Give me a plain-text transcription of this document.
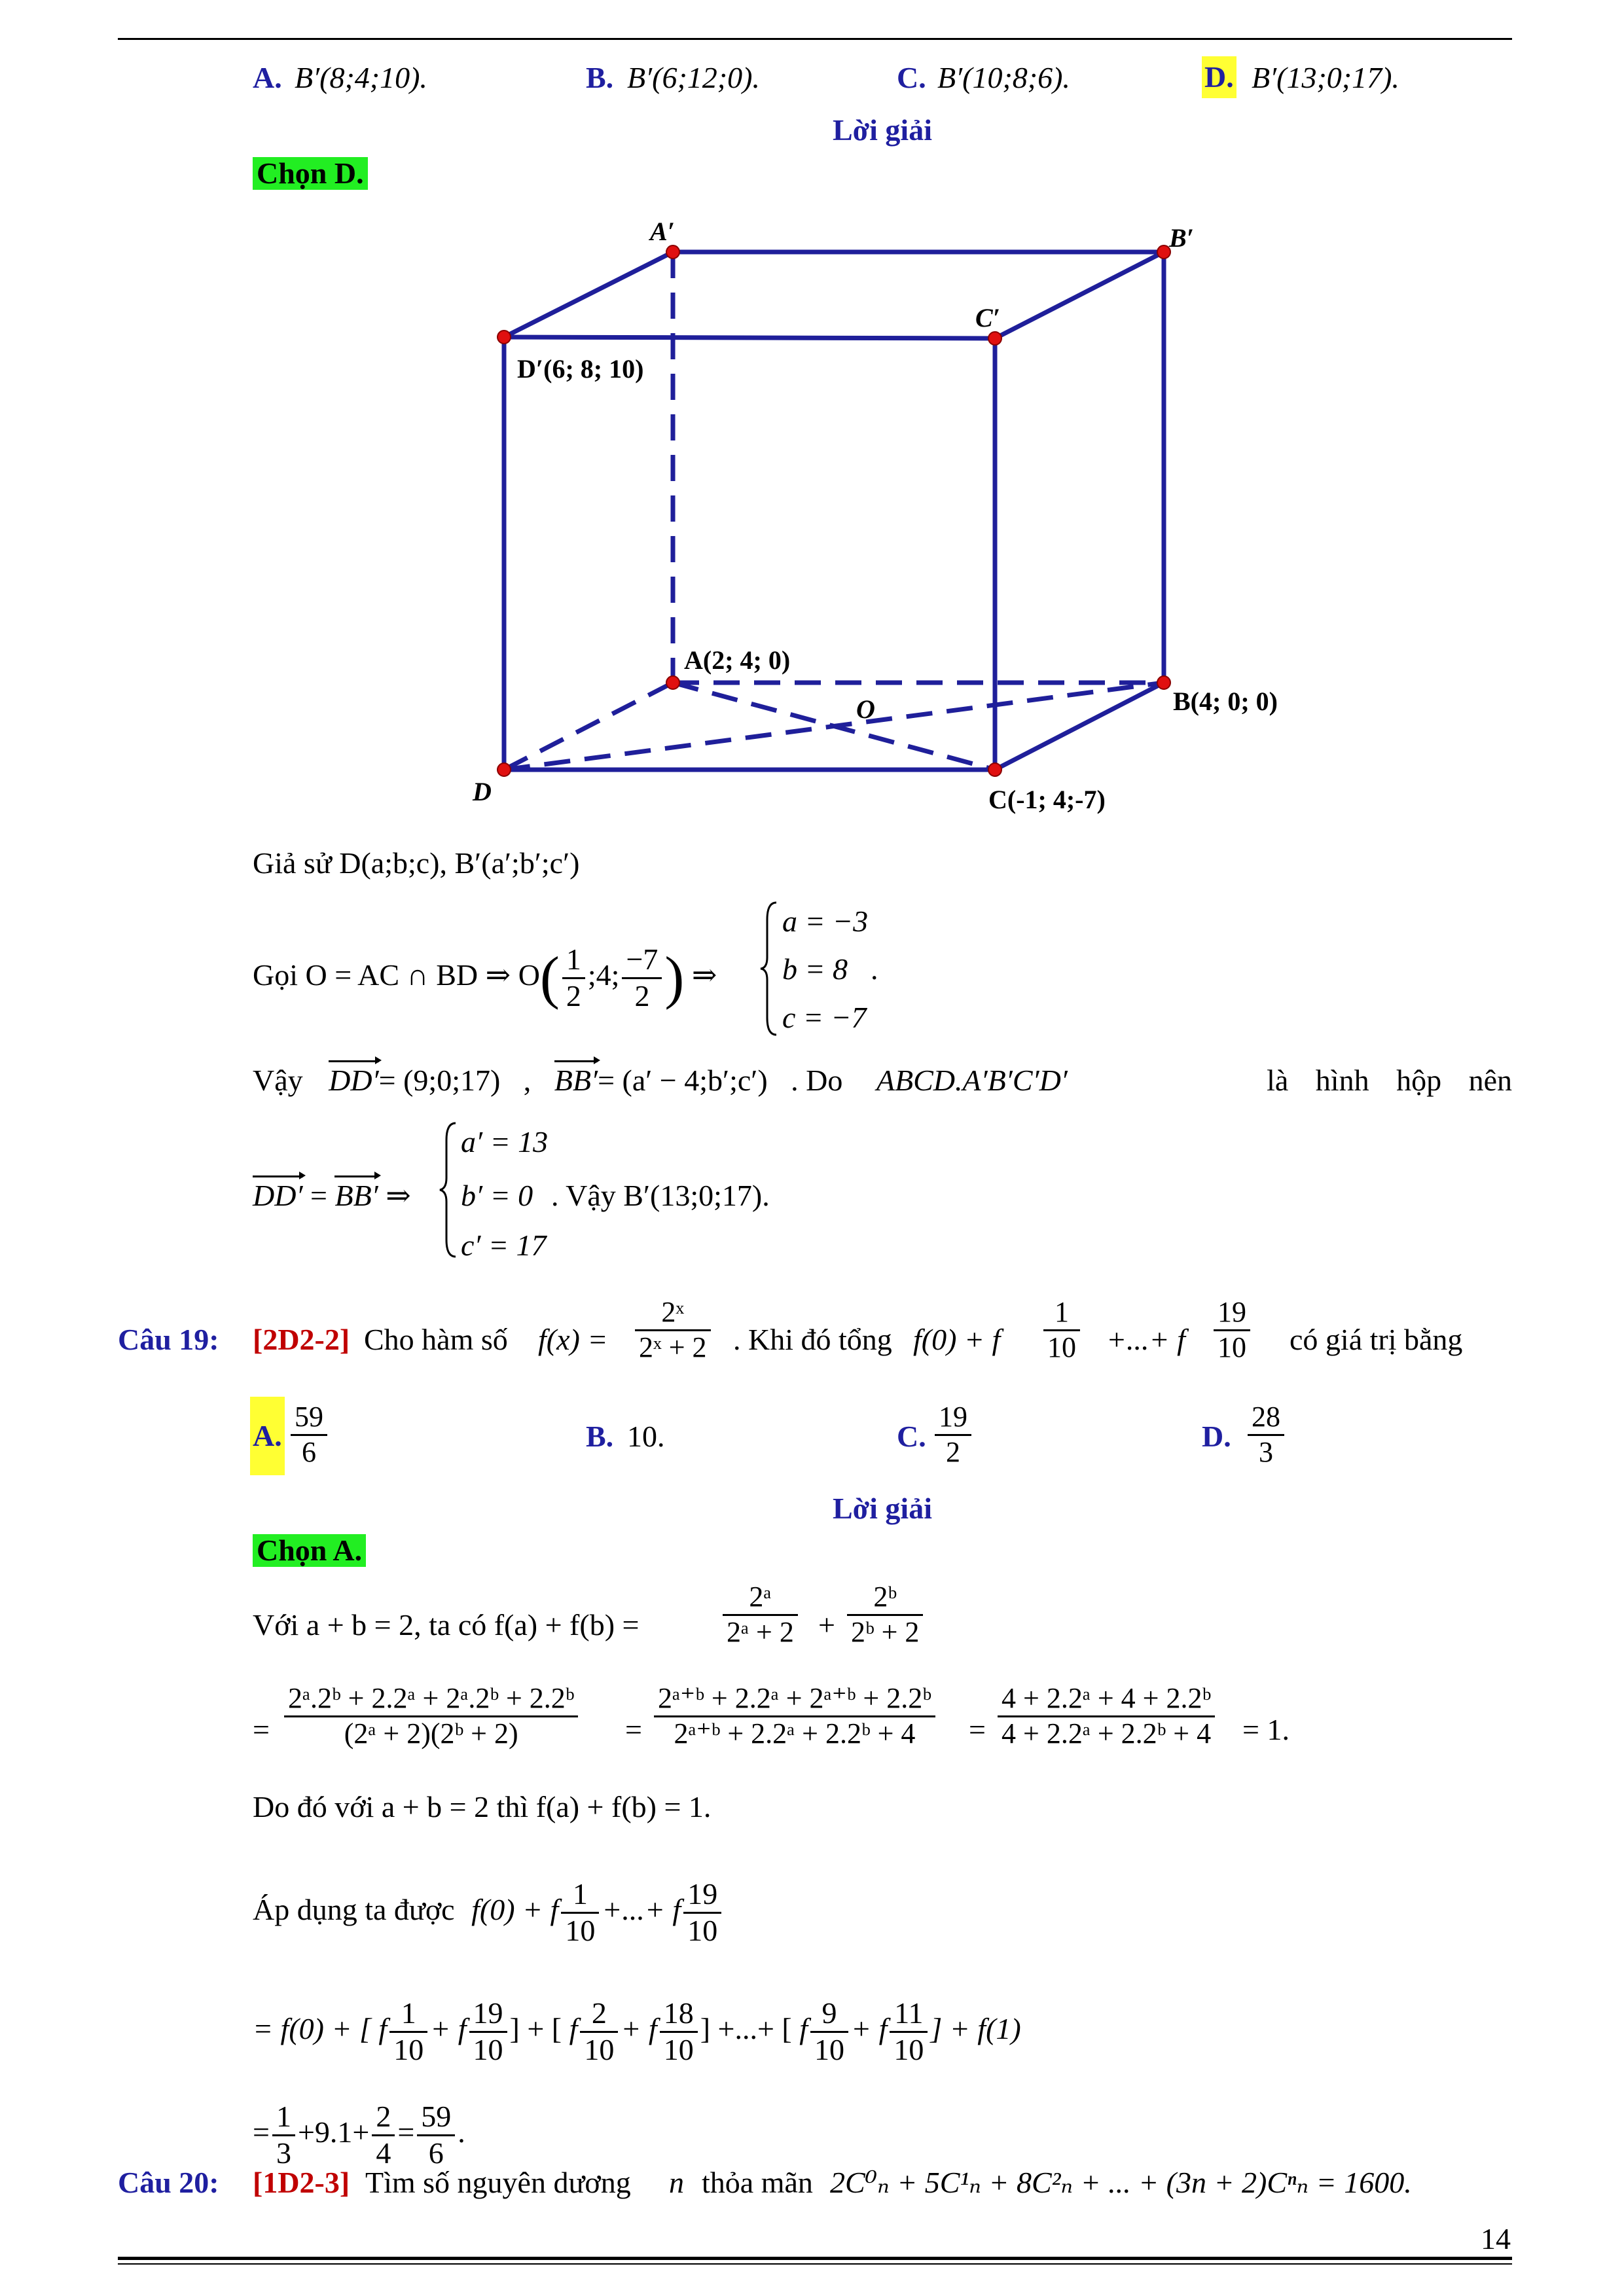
A. B′(8;4;10).	B. B′(6;12;0).	C. B′(10;8;6).	D. B′(13;0;17).
Lời giải
Chọn D.
A′	B′
C′
D′(6; 8; 10)
A(2; 4; 0)
B(4; 0; 0)
C(-1; 4;-7)
D
O
Giả sử D(a;b;c), B′(a′;b′;c′)
Gọi O = AC ∩ BD ⇒ $O( \frac{1}{2}$ ;4; $\frac{-7}{2}$ ) ⇒
a = −3
b = 8
c = −7
.
Vậy DD′= (9;0;17) , BB′= (a′ − 4;b′;c′) . Do ABCD.A′B′C′D′	là hình hộp nên
DD′ = BB′ ⇒
a′ = 13
b′ = 0
c′ = 17
. Vậy B′(13;0;17).
Câu 19: [2D2-2] Cho hàm số $f(x) = \frac{\text{2ˣ}}{\text{2ˣ + 2}}$ . Khi đó tổng f(0) + f $\frac{1}{10}$ +...+ f $\frac{19}{10}$ có giá trị bằng
A. $\frac{59}{6}$	B. 10.	C. $\frac{19}{2}$	D. $\frac{28}{3}$
Lời giải
Chọn A.
Với a + b = 2, ta có f(a) + f(b) =	$\frac{\text{2ᵃ}}{\text{2ᵃ + 2}} + \frac{\text{2ᵇ}}{\text{2ᵇ + 2}}$
= $\frac{\text{2ᵃ.2ᵇ + 2.2ᵃ + 2ᵃ.2ᵇ + 2.2ᵇ}}{\text{(2ᵃ + 2)(2ᵇ + 2)}} = \frac{\text{2ᵃ⁺ᵇ + 2.2ᵃ + 2ᵃ⁺ᵇ + 2.2ᵇ}}{\text{2ᵃ⁺ᵇ + 2.2ᵃ + 2.2ᵇ + 4}} = \frac{\text{4 + 2.2ᵃ + 4 + 2.2ᵇ}}{\text{4 + 2.2ᵃ + 2.2ᵇ + 4}} = 1$.
Do đó với a + b = 2 thì f(a) + f(b) = 1.
Áp dụng ta được f(0) + f $\frac{1}{10}$ +...+ f $\frac{19}{10}$
= f(0) + [ f $\frac{1}{10} + f \frac{19}{10}$ ] + [ f $\frac{2}{10} + f \frac{18}{10}$ ] +...+ [ f $\frac{9}{10} + f \frac{11}{10}$ ] + f(1)
= $\frac{1}{3} +9.1+ \frac{2}{4} = \frac{59}{6}$ .
Câu 20: [1D2-3] Tìm số nguyên dương n thỏa mãn 2C⁰ₙ + 5C¹ₙ + 8C²ₙ + ... + (3n + 2)Cⁿₙ = 1600.
14
